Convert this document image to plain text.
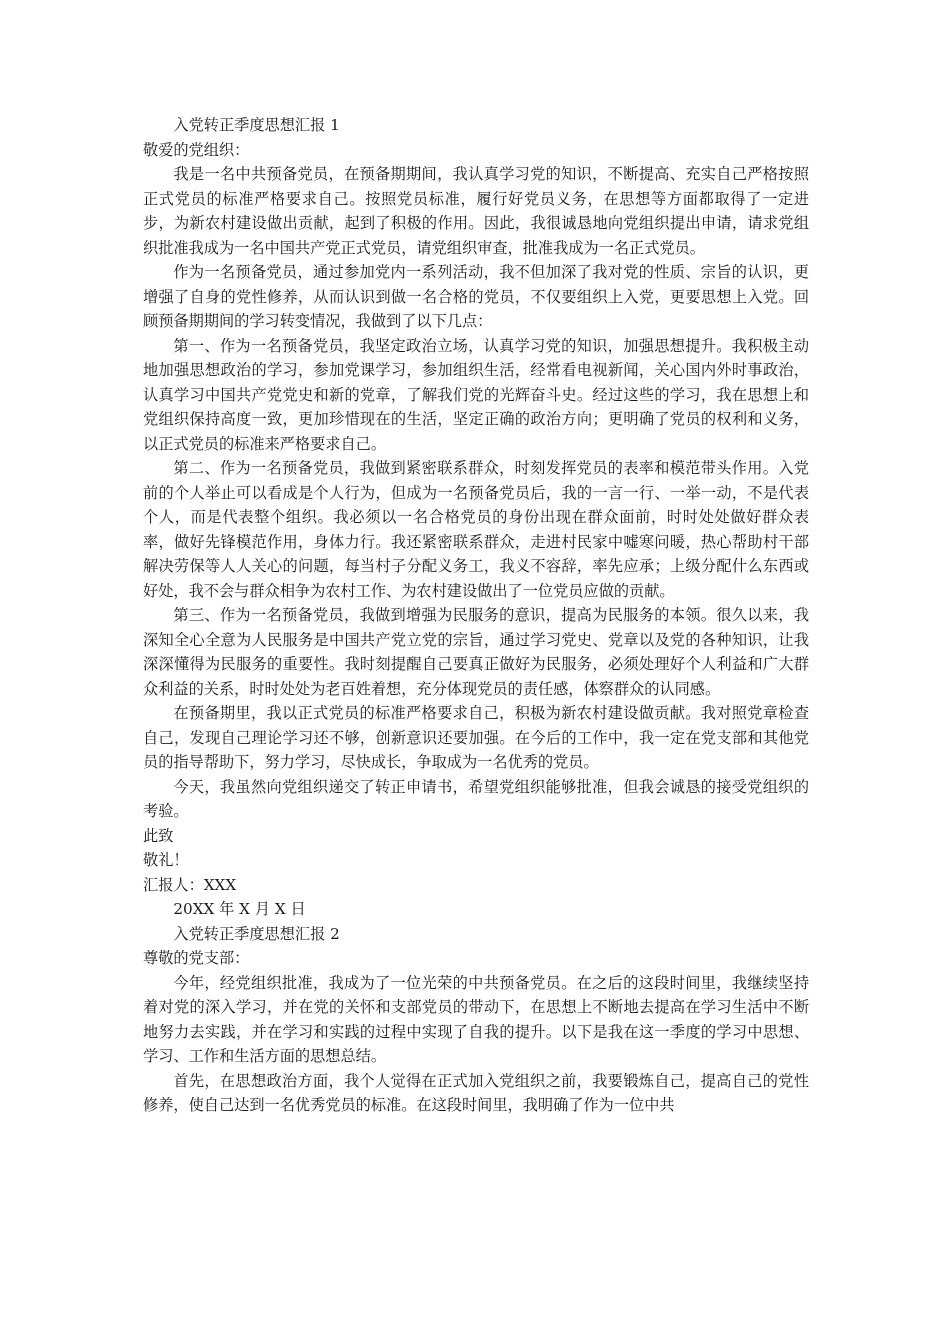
入党转正季度思想汇报 1
敬爱的党组织：

我是一名中共预备党员，在预备期期间，我认真学习党的知识，不断提高、充实自己严格按照正式党员的标准严格要求自己。按照党员标准，履行好党员义务，在思想等方面都取得了一定进步，为新农村建设做出贡献，起到了积极的作用。因此，我很诚恳地向党组织提出申请，请求党组织批准我成为一名中国共产党正式党员，请党组织审查，批准我成为一名正式党员。

作为一名预备党员，通过参加党内一系列活动，我不但加深了我对党的性质、宗旨的认识，更增强了自身的党性修养，从而认识到做一名合格的党员，不仅要组织上入党，更要思想上入党。回顾预备期期间的学习转变情况，我做到了以下几点：

第一、作为一名预备党员，我坚定政治立场，认真学习党的知识，加强思想提升。我积极主动地加强思想政治的学习，参加党课学习，参加组织生活，经常看电视新闻，关心国内外时事政治，认真学习中国共产党党史和新的党章，了解我们党的光辉奋斗史。经过这些的学习，我在思想上和党组织保持高度一致，更加珍惜现在的生活，坚定正确的政治方向；更明确了党员的权利和义务，以正式党员的标准来严格要求自己。

第二、作为一名预备党员，我做到紧密联系群众，时刻发挥党员的表率和模范带头作用。入党前的个人举止可以看成是个人行为，但成为一名预备党员后，我的一言一行、一举一动，不是代表个人，而是代表整个组织。我必须以一名合格党员的身份出现在群众面前，时时处处做好群众表率，做好先锋模范作用，身体力行。我还紧密联系群众，走进村民家中嘘寒问暖，热心帮助村干部解决劳保等人人关心的问题，每当村子分配义务工，我义不容辞，率先应承；上级分配什么东西或好处，我不会与群众相争为农村工作、为农村建设做出了一位党员应做的贡献。

第三、作为一名预备党员，我做到增强为民服务的意识，提高为民服务的本领。很久以来，我深知全心全意为人民服务是中国共产党立党的宗旨，通过学习党史、党章以及党的各种知识，让我深深懂得为民服务的重要性。我时刻提醒自己要真正做好为民服务，必须处理好个人利益和广大群众利益的关系，时时处处为老百姓着想，充分体现党员的责任感，体察群众的认同感。

在预备期里，我以正式党员的标准严格要求自己，积极为新农村建设做贡献。我对照党章检查自己，发现自己理论学习还不够，创新意识还要加强。在今后的工作中，我一定在党支部和其他党员的指导帮助下，努力学习，尽快成长，争取成为一名优秀的党员。

今天，我虽然向党组织递交了转正申请书，希望党组织能够批准，但我会诚恳的接受党组织的考验。

此致
敬礼！
汇报人：XXX
20XX 年 X 月 X 日
入党转正季度思想汇报 2
尊敬的党支部：

今年，经党组织批准，我成为了一位光荣的中共预备党员。在之后的这段时间里，我继续坚持着对党的深入学习，并在党的关怀和支部党员的带动下，在思想上不断地去提高在学习生活中不断地努力去实践，并在学习和实践的过程中实现了自我的提升。以下是我在这一季度的学习中思想、学习、工作和生活方面的思想总结。

首先，在思想政治方面，我个人觉得在正式加入党组织之前，我要锻炼自己，提高自己的党性修养，使自己达到一名优秀党员的标准。在这段时间里，我明确了作为一位中共
